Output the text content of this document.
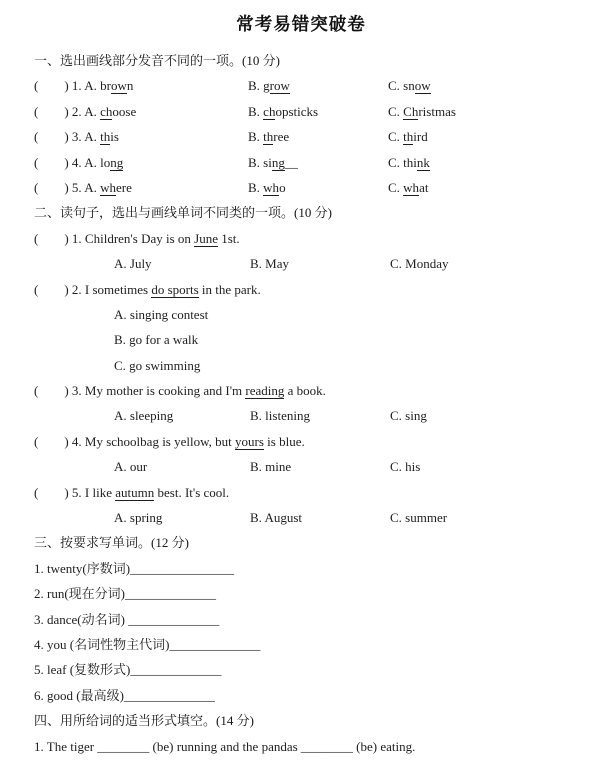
常考易错突破卷
一、选出画线部分发音不同的一项。(10 分)
(　　) 1. A. brown	B. grow	C. snow
(　　) 2. A. choose	B. chopsticks	C. Christmas
(　　) 3. A. this	B. three	C. third
(　　) 4. A. long	B. sing__	C. think
(　　) 5. A. where	B. who	C. what
二、读句子，选出与画线单词不同类的一项。(10 分)
(　　) 1. Children's Day is on June 1st.
A. July	B. May	C. Monday
(　　) 2. I sometimes do sports in the park.
A. singing contest
B. go for a walk
C. go swimming
(　　) 3. My mother is cooking and I'm reading a book.
A. sleeping	B. listening	C. sing
(　　) 4. My schoolbag is yellow, but yours is blue.
A. our	B. mine	C. his
(　　) 5. I like autumn best. It's cool.
A. spring	B. August	C. summer
三、按要求写单词。(12 分)
1. twenty(序数词)________________
2. run(现在分词)______________
3. dance(动名词) ______________
4. you (名词性物主代词)______________
5. leaf (复数形式)______________
6. good (最高级)______________
四、用所给词的适当形式填空。(14 分)
1. The tiger ________ (be) running and the pandas ________ (be) eating.
